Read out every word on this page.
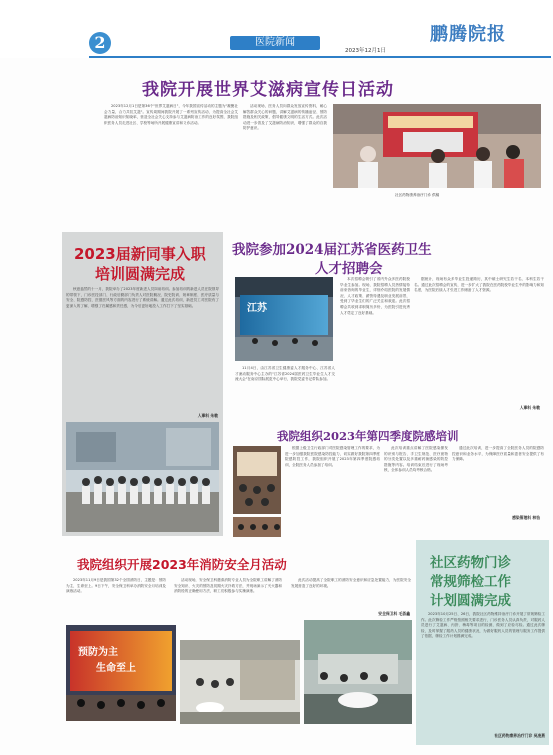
2	医院新闻	鹏腾院报
2023年12月1日
我院开展世界艾滋病宣传日活动

2023年12月1日是第36个"世界艾滋病日"，今年我国宣传活动的主题为"凝聚社会力量，合力共抗艾滋"。宣传周期间我院开展了一系列宣传活动，为提高全社会艾滋病防治知识知晓率，营造全社会关心支持参与艾滋病防治工作的良好氛围，我院组织医务人员走进社区、学校等场所开展健康宣讲和义诊活动。

活动现场，医务人员向群众发放宣传资料，耐心解答群众关心的问题，讲解艾滋病的传播途径、预防措施及相关政策，倡导健康文明的生活方式。此次活动进一步普及了艾滋病防治知识，增强了群众的自我防护意识。

社区药物康养治疗门诊 供稿
2023届新同事入职
培训圆满完成

秋意盎然的十一月，我院举办了2023年度新进人员岗前培训。参加培训的新进人员在院领导的带领下，门诊医技部门、行政后勤部门负责人对医院概况、院史院训、规章制度、医疗质量与安全、院感防控、医德医风等方面的内容进行了系统讲解。通过此次培训，新进员工对医院有了更深入的了解，增强了归属感和责任感，为今后更好地投入工作打下了坚实基础。

人事科 朱敏
我院参加2024届江苏省医药卫生
人才招聘会
江苏

本次招聘会吸引了省内外众多医药院校毕业生参加。现场，我院招聘人员热情接待前来咨询的毕业生，详细介绍医院的发展情况、人才政策、薪资待遇及职业发展前景，受到了毕业生们的广泛关注和欢迎。此次招聘会共收到求职简历多份，为医院引进优秀人才奠定了良好基础。

11月4日，由江苏省卫生健康委人才服务中心、江苏省人才流动服务中心主办的"江苏省2024届医药卫生毕业生人才交流大会"在南京国际展览中心举行，我院党委书记带队参加。

据统计，现场有众多毕业生投递简历，其中硕士研究生若干名、本科生若干名。通过此次招聘会的宣传，进一步扩大了我院在医药院校毕业生中的影响力和知名度，为医院后续人才引进工作储备了人才资源。

人事科 朱敏
我院组织2023年第四季度院感培训

根据上级卫生行政部门对医院感染管理工作的要求，为进一步加强我院医院感染防控能力，切实做好我院第四季度院感防控工作，我院组织开展了2023年第四季度院感培训，全院医务人员参加了培训。

此次培训重点讲解了医院感染暴发的识别与报告、手卫生规范、医疗废物的分类处置以及多重耐药菌感染的防控措施等内容。培训结束后进行了现场考核，全体参训人员均考核合格。

通过此次培训，进一步提高了全院医务人员的院感防控意识和业务水平，为保障医疗质量和患者安全提供了有力保障。

感染管理科 林怡
我院组织开展2023年消防安全月活动

2023年11月9日是我国第32个全国消防日，主题是：预防为主，生命至上。9日下午，安全保卫科举办消防安全月培训及演练活动。

活动现场，安全保卫科邀请消防专业人员为全院职工讲解了消防安全知识、火灾的预防及初期火灾扑救方法，并现场演示了灭火器和消防栓的正确使用方法，职工们积极参与实操演练。

此次活动提高了全院职工的消防安全意识和应急处置能力，为医院安全发展营造了良好的环境。

安全保卫科 毛荟鑫
预防为主
生命至上
社区药物门诊
常规筛检工作
计划圆满完成

2023年10月25日、26日，我院社区药物维持治疗门诊开展了常规筛检工作。此次筛检工作严格按照相关要求进行，门诊医务人员认真负责，对服药人员进行了艾滋病、丙肝、梅毒等项目的检测，做到了应检尽检。通过此次筛检，及时掌握了服药人员的健康状况，为做好服药人员的管理与服务工作提供了依据，筛检工作计划圆满完成。

社区药物康养治疗门诊 吴凌燕
